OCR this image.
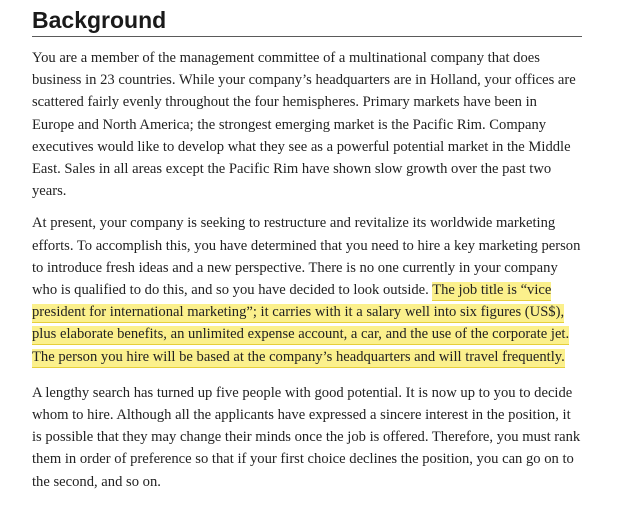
Background

You are a member of the management committee of a multinational company that does business in 23 countries. While your company’s headquarters are in Holland, your offices are scattered fairly evenly throughout the four hemispheres. Primary markets have been in Europe and North America; the strongest emerging market is the Pacific Rim. Company executives would like to develop what they see as a powerful potential market in the Middle East. Sales in all areas except the Pacific Rim have shown slow growth over the past two years.

At present, your company is seeking to restructure and revitalize its worldwide marketing efforts. To accomplish this, you have determined that you need to hire a key marketing person to introduce fresh ideas and a new perspective. There is no one currently in your company who is qualified to do this, and so you have decided to look outside. The job title is “vice president for international marketing”; it carries with it a salary well into six figures (US$), plus elaborate benefits, an unlimited expense account, a car, and the use of the corporate jet. The person you hire will be based at the company’s headquarters and will travel frequently.

A lengthy search has turned up five people with good potential. It is now up to you to decide whom to hire. Although all the applicants have expressed a sincere interest in the position, it is possible that they may change their minds once the job is offered. Therefore, you must rank them in order of preference so that if your first choice declines the position, you can go on to the second, and so on.
